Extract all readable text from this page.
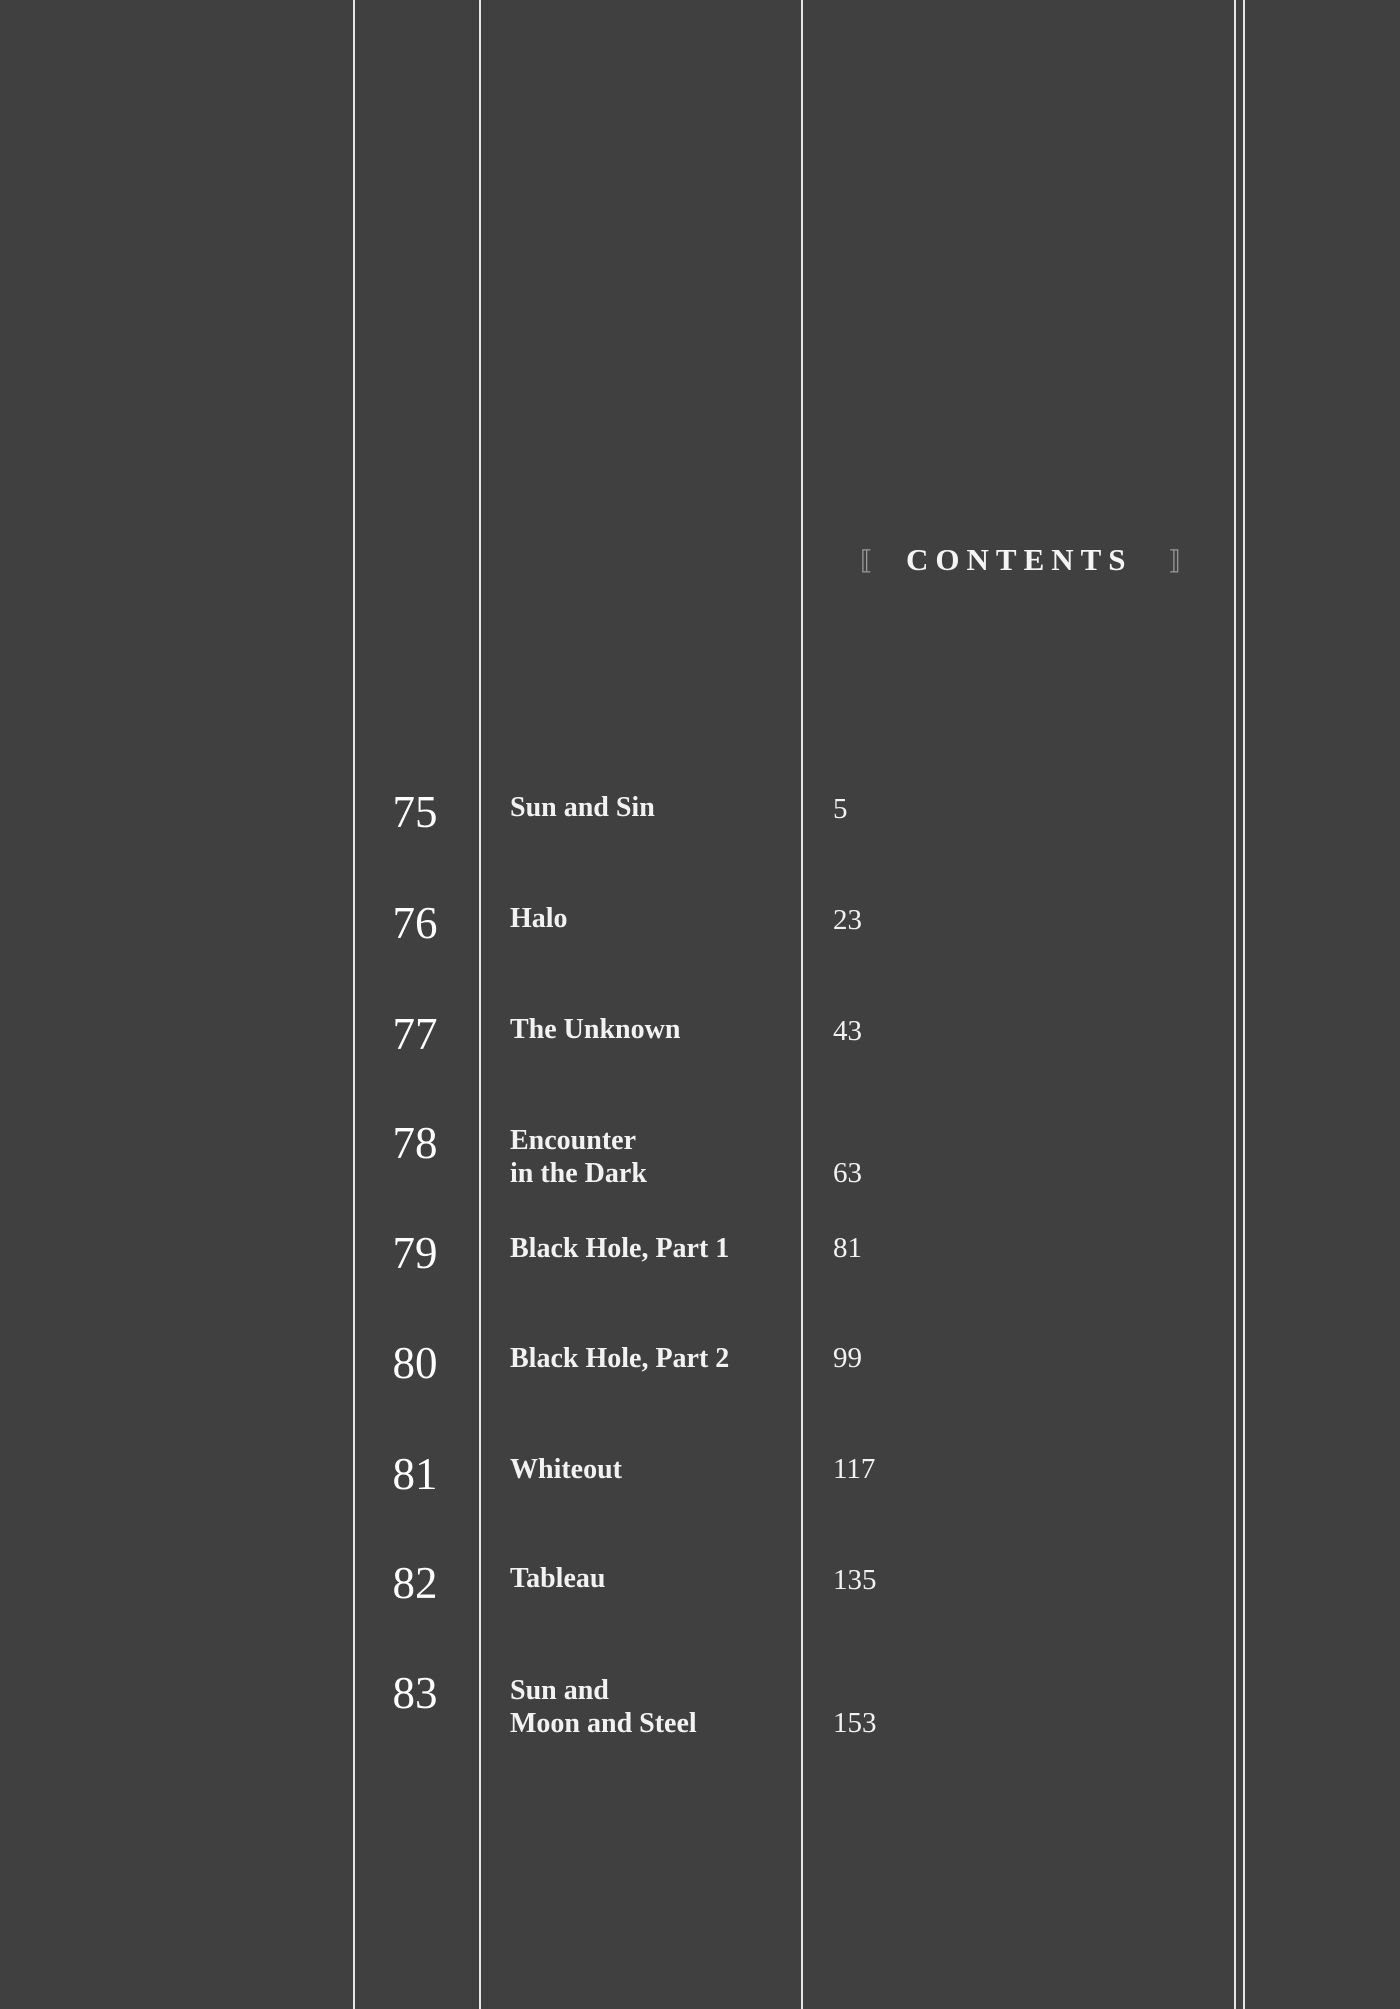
⟦ CONTENTS ⟧
75	Sun and Sin	5
76	Halo	23
77	The Unknown	43
78	Encounter
in the Dark	63
79	Black Hole, Part 1	81
80	Black Hole, Part 2	99
81	Whiteout	117
82	Tableau	135
83	Sun and
Moon and Steel	153
